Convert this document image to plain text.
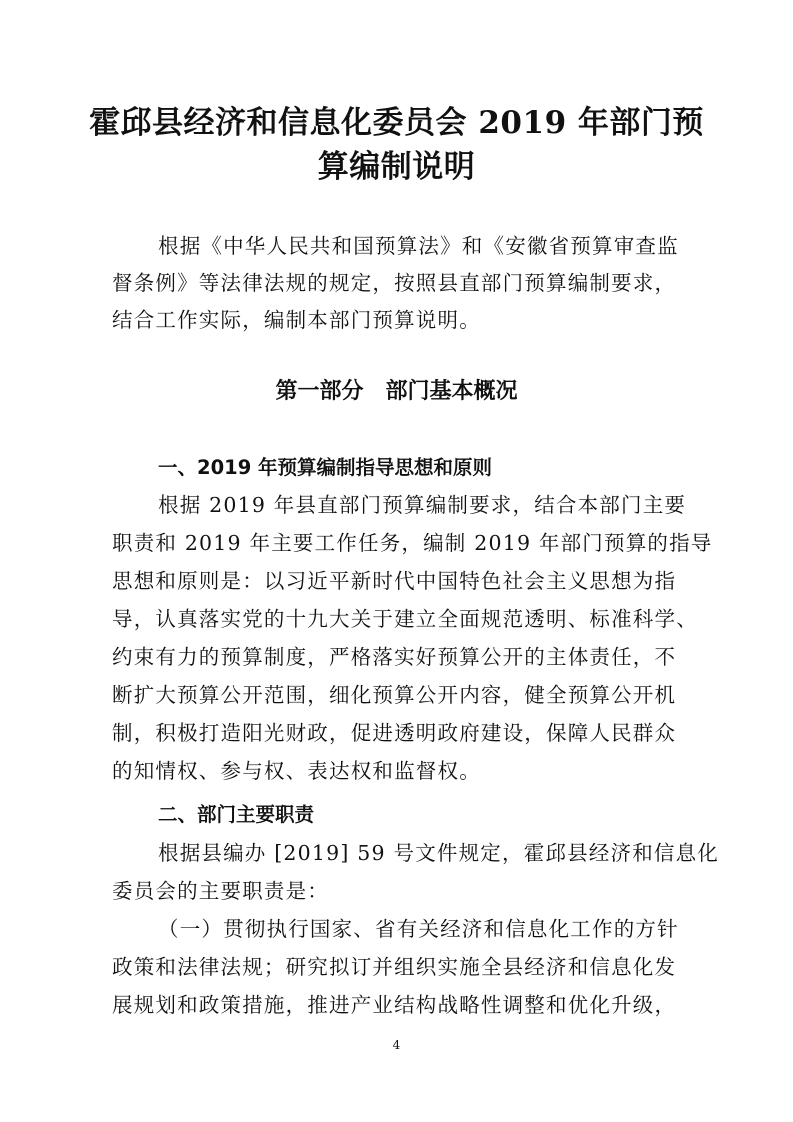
霍邱县经济和信息化委员会 2019 年部门预
算编制说明
根据《中华人民共和国预算法》和《安徽省预算审查监
督条例》等法律法规的规定，按照县直部门预算编制要求，
结合工作实际，编制本部门预算说明。
第一部分　部门基本概况
一、2019 年预算编制指导思想和原则
根据 2019 年县直部门预算编制要求，结合本部门主要
职责和 2019 年主要工作任务，编制 2019 年部门预算的指导
思想和原则是：以习近平新时代中国特色社会主义思想为指
导，认真落实党的十九大关于建立全面规范透明、标准科学、
约束有力的预算制度，严格落实好预算公开的主体责任，不
断扩大预算公开范围，细化预算公开内容，健全预算公开机
制，积极打造阳光财政，促进透明政府建设，保障人民群众
的知情权、参与权、表达权和监督权。
二、部门主要职责
根据县编办 [2019] 59 号文件规定，霍邱县经济和信息化
委员会的主要职责是：
（一）贯彻执行国家、省有关经济和信息化工作的方针
政策和法律法规；研究拟订并组织实施全县经济和信息化发
展规划和政策措施，推进产业结构战略性调整和优化升级，
4
